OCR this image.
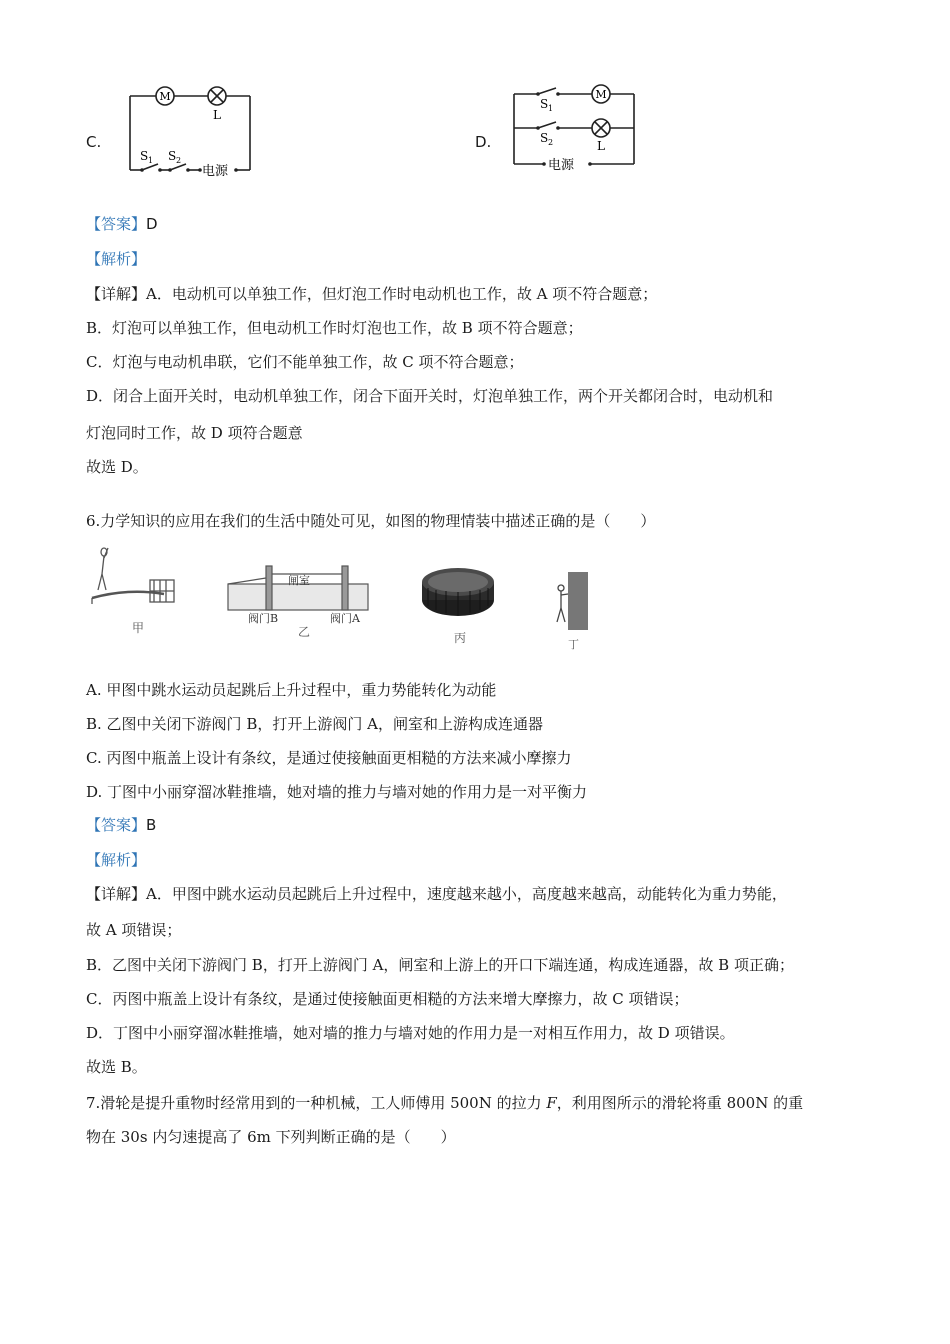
C.
M
L
S 1 S 2
电源
D.
M
L
S 1
S 2
电源
【答案】D
【解析】
【详解】A．电动机可以单独工作，但灯泡工作时电动机也工作，故 A 项不符合题意；
B．灯泡可以单独工作，但电动机工作时灯泡也工作，故 B 项不符合题意；
C．灯泡与电动机串联，它们不能单独工作，故 C 项不符合题意；
D．闭合上面开关时，电动机单独工作，闭合下面开关时，灯泡单独工作，两个开关都闭合时，电动机和
灯泡同时工作，故 D 项符合题意
故选 D。
6.力学知识的应用在我们的生活中随处可见，如图的物理情装中描述正确的是（　　）
甲
闸室
阀门B	阀门A
乙	丙	丁
A. 甲图中跳水运动员起跳后上升过程中，重力势能转化为动能
B. 乙图中关闭下游阀门 B，打开上游阀门 A，闸室和上游构成连通器
C. 丙图中瓶盖上设计有条纹，是通过使接触面更相糙的方法来减小摩擦力
D. 丁图中小丽穿溜冰鞋推墙，她对墙的推力与墙对她的作用力是一对平衡力
【答案】B
【解析】
【详解】A．甲图中跳水运动员起跳后上升过程中，速度越来越小，高度越来越高，动能转化为重力势能，
故 A 项错误；
B．乙图中关闭下游阀门 B，打开上游阀门 A，闸室和上游上的开口下端连通，构成连通器，故 B 项正确；
C．丙图中瓶盖上设计有条纹，是通过使接触面更相糙的方法来增大摩擦力，故 C 项错误；
D．丁图中小丽穿溜冰鞋推墙，她对墙的推力与墙对她的作用力是一对相互作用力，故 D 项错误。
故选 B。
7.滑轮是提升重物时经常用到的一种机械，工人师傅用 500N 的拉力 F，利用图所示的滑轮将重 800N 的重
物在 30s 内匀速提高了 6m 下列判断正确的是（　　）
